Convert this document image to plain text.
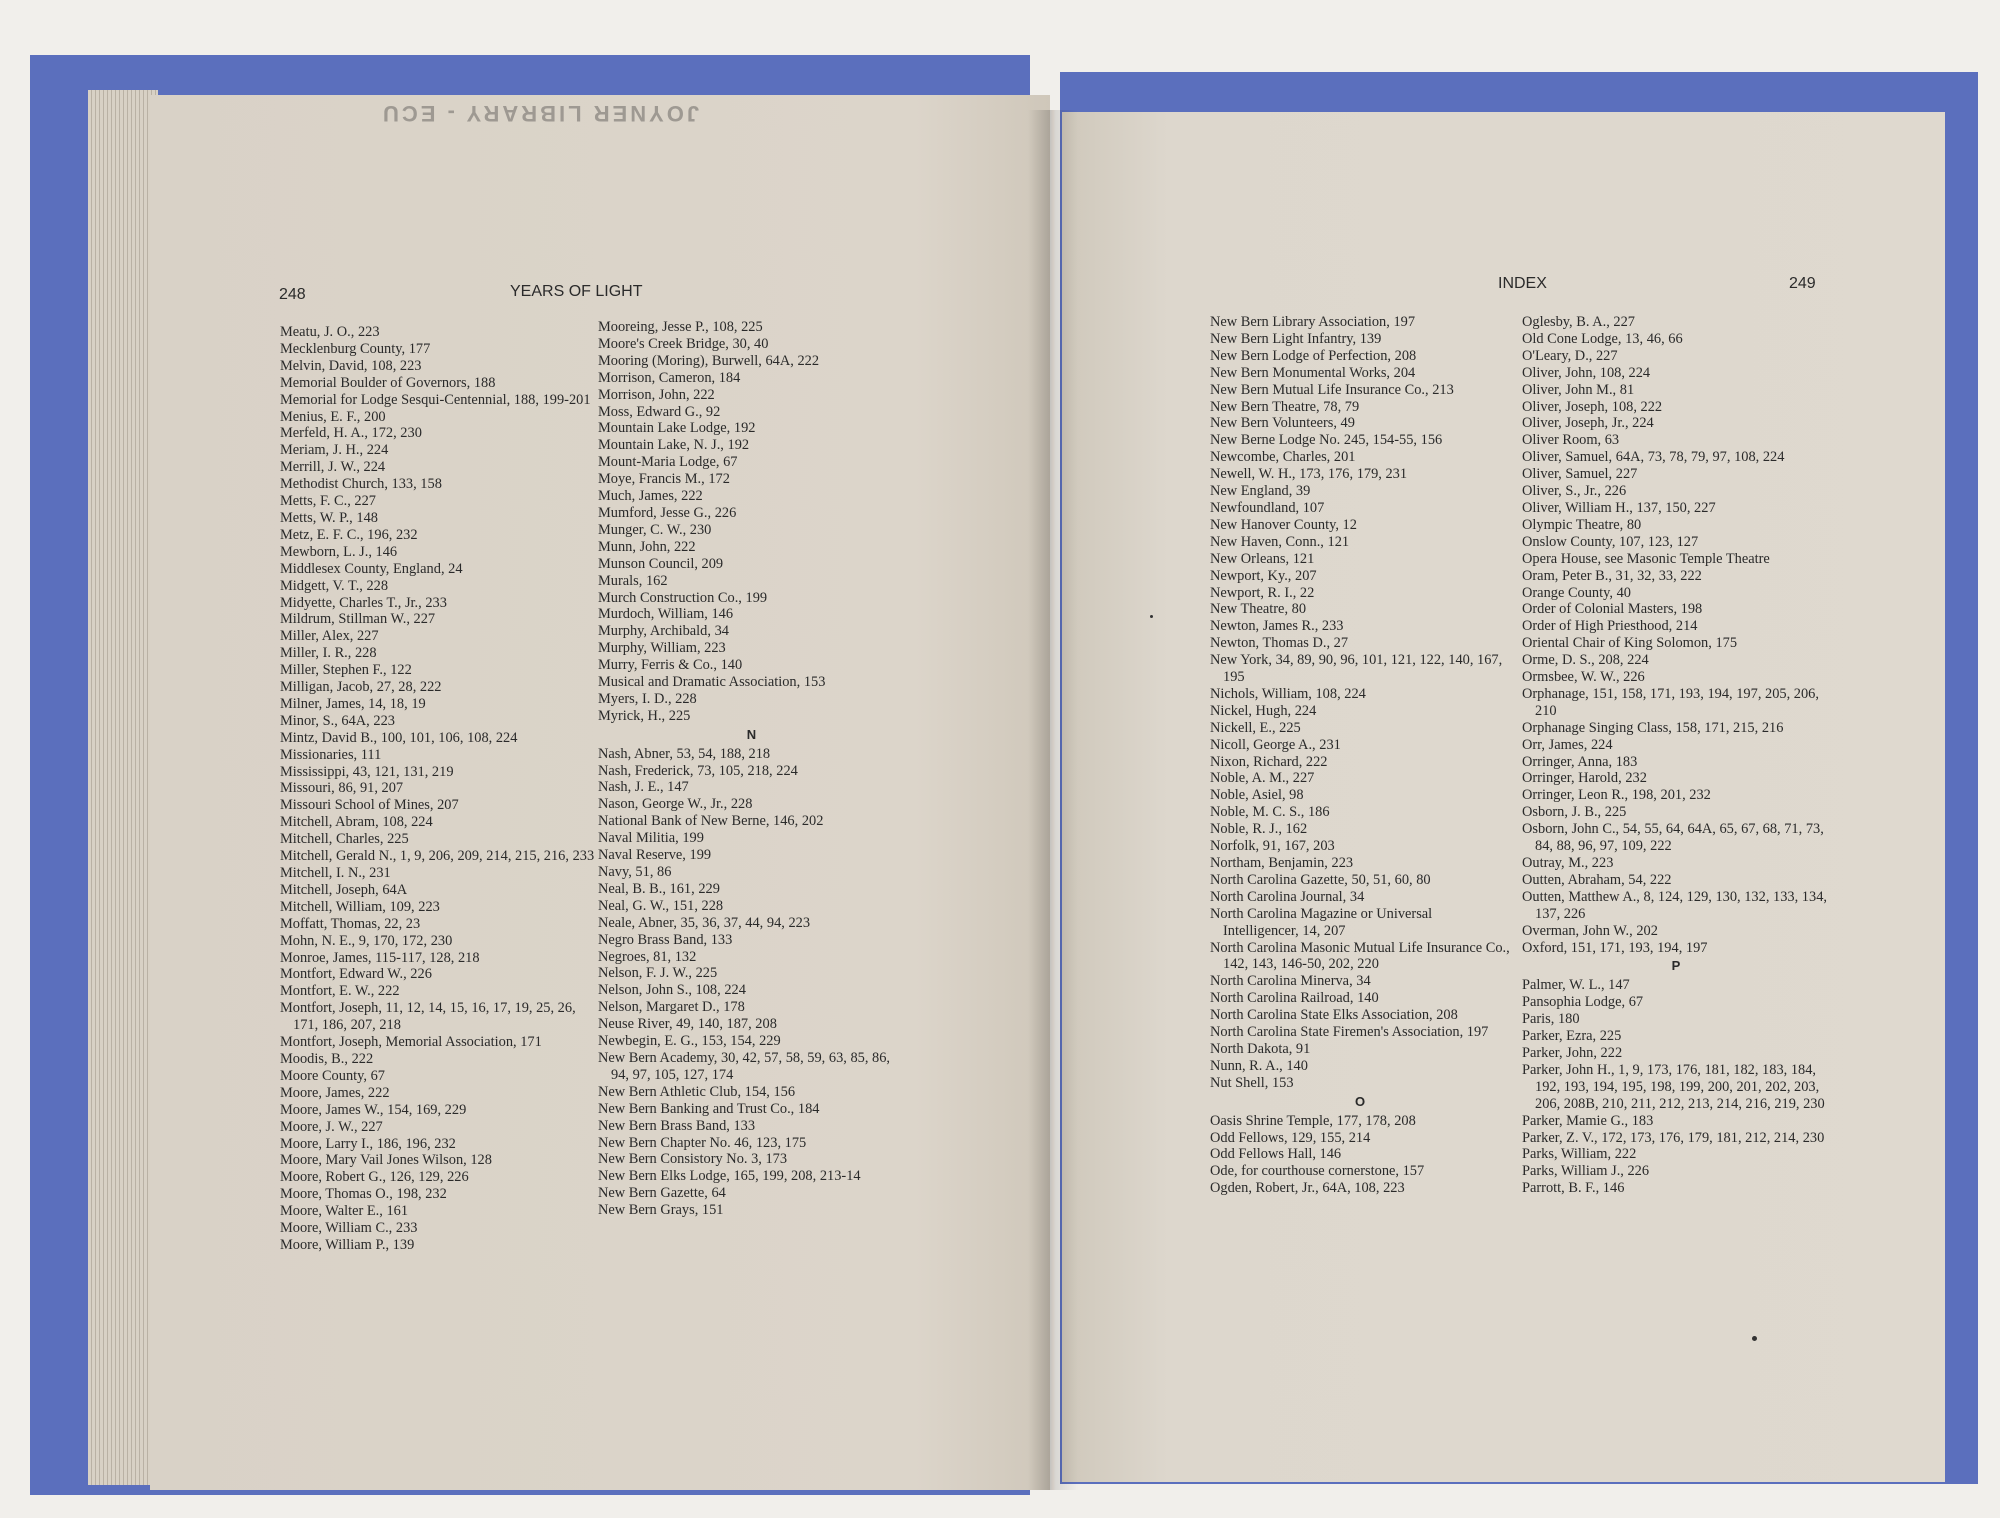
JOYNER LIBRARY - ECU
248	YEARS OF LIGHT	INDEX	249
Meatu, J. O., 223
Mecklenburg County, 177
Melvin, David, 108, 223
Memorial Boulder of Governors, 188
Memorial for Lodge Sesqui-Centennial, 188, 199-201
Menius, E. F., 200
Merfeld, H. A., 172, 230
Meriam, J. H., 224
Merrill, J. W., 224
Methodist Church, 133, 158
Metts, F. C., 227
Metts, W. P., 148
Metz, E. F. C., 196, 232
Mewborn, L. J., 146
Middlesex County, England, 24
Midgett, V. T., 228
Midyette, Charles T., Jr., 233
Mildrum, Stillman W., 227
Miller, Alex, 227
Miller, I. R., 228
Miller, Stephen F., 122
Milligan, Jacob, 27, 28, 222
Milner, James, 14, 18, 19
Minor, S., 64A, 223
Mintz, David B., 100, 101, 106, 108, 224
Missionaries, 111
Mississippi, 43, 121, 131, 219
Missouri, 86, 91, 207
Missouri School of Mines, 207
Mitchell, Abram, 108, 224
Mitchell, Charles, 225
Mitchell, Gerald N., 1, 9, 206, 209, 214, 215, 216, 233
Mitchell, I. N., 231
Mitchell, Joseph, 64A
Mitchell, William, 109, 223
Moffatt, Thomas, 22, 23
Mohn, N. E., 9, 170, 172, 230
Monroe, James, 115-117, 128, 218
Montfort, Edward W., 226
Montfort, E. W., 222
Montfort, Joseph, 11, 12, 14, 15, 16, 17, 19, 25, 26, 171, 186, 207, 218
Montfort, Joseph, Memorial Association, 171
Moodis, B., 222
Moore County, 67
Moore, James, 222
Moore, James W., 154, 169, 229
Moore, J. W., 227
Moore, Larry I., 186, 196, 232
Moore, Mary Vail Jones Wilson, 128
Moore, Robert G., 126, 129, 226
Moore, Thomas O., 198, 232
Moore, Walter E., 161
Moore, William C., 233
Moore, William P., 139
Mooreing, Jesse P., 108, 225
Moore's Creek Bridge, 30, 40
Mooring (Moring), Burwell, 64A, 222
Morrison, Cameron, 184
Morrison, John, 222
Moss, Edward G., 92
Mountain Lake Lodge, 192
Mountain Lake, N. J., 192
Mount-Maria Lodge, 67
Moye, Francis M., 172
Much, James, 222
Mumford, Jesse G., 226
Munger, C. W., 230
Munn, John, 222
Munson Council, 209
Murals, 162
Murch Construction Co., 199
Murdoch, William, 146
Murphy, Archibald, 34
Murphy, William, 223
Murry, Ferris & Co., 140
Musical and Dramatic Association, 153
Myers, I. D., 228
Myrick, H., 225
N
Nash, Abner, 53, 54, 188, 218
Nash, Frederick, 73, 105, 218, 224
Nash, J. E., 147
Nason, George W., Jr., 228
National Bank of New Berne, 146, 202
Naval Militia, 199
Naval Reserve, 199
Navy, 51, 86
Neal, B. B., 161, 229
Neal, G. W., 151, 228
Neale, Abner, 35, 36, 37, 44, 94, 223
Negro Brass Band, 133
Negroes, 81, 132
Nelson, F. J. W., 225
Nelson, John S., 108, 224
Nelson, Margaret D., 178
Neuse River, 49, 140, 187, 208
Newbegin, E. G., 153, 154, 229
New Bern Academy, 30, 42, 57, 58, 59, 63, 85, 86, 94, 97, 105, 127, 174
New Bern Athletic Club, 154, 156
New Bern Banking and Trust Co., 184
New Bern Brass Band, 133
New Bern Chapter No. 46, 123, 175
New Bern Consistory No. 3, 173
New Bern Elks Lodge, 165, 199, 208, 213-14
New Bern Gazette, 64
New Bern Grays, 151
New Bern Library Association, 197
New Bern Light Infantry, 139
New Bern Lodge of Perfection, 208
New Bern Monumental Works, 204
New Bern Mutual Life Insurance Co., 213
New Bern Theatre, 78, 79
New Bern Volunteers, 49
New Berne Lodge No. 245, 154-55, 156
Newcombe, Charles, 201
Newell, W. H., 173, 176, 179, 231
New England, 39
Newfoundland, 107
New Hanover County, 12
New Haven, Conn., 121
New Orleans, 121
Newport, Ky., 207
Newport, R. I., 22
New Theatre, 80
Newton, James R., 233
Newton, Thomas D., 27
New York, 34, 89, 90, 96, 101, 121, 122, 140, 167, 195
Nichols, William, 108, 224
Nickel, Hugh, 224
Nickell, E., 225
Nicoll, George A., 231
Nixon, Richard, 222
Noble, A. M., 227
Noble, Asiel, 98
Noble, M. C. S., 186
Noble, R. J., 162
Norfolk, 91, 167, 203
Northam, Benjamin, 223
North Carolina Gazette, 50, 51, 60, 80
North Carolina Journal, 34
North Carolina Magazine or Universal Intelligencer, 14, 207
North Carolina Masonic Mutual Life Insurance Co., 142, 143, 146-50, 202, 220
North Carolina Minerva, 34
North Carolina Railroad, 140
North Carolina State Elks Association, 208
North Carolina State Firemen's Association, 197
North Dakota, 91
Nunn, R. A., 140
Nut Shell, 153
O
Oasis Shrine Temple, 177, 178, 208
Odd Fellows, 129, 155, 214
Odd Fellows Hall, 146
Ode, for courthouse cornerstone, 157
Ogden, Robert, Jr., 64A, 108, 223
Oglesby, B. A., 227
Old Cone Lodge, 13, 46, 66
O'Leary, D., 227
Oliver, John, 108, 224
Oliver, John M., 81
Oliver, Joseph, 108, 222
Oliver, Joseph, Jr., 224
Oliver Room, 63
Oliver, Samuel, 64A, 73, 78, 79, 97, 108, 224
Oliver, Samuel, 227
Oliver, S., Jr., 226
Oliver, William H., 137, 150, 227
Olympic Theatre, 80
Onslow County, 107, 123, 127
Opera House, see Masonic Temple Theatre
Oram, Peter B., 31, 32, 33, 222
Orange County, 40
Order of Colonial Masters, 198
Order of High Priesthood, 214
Oriental Chair of King Solomon, 175
Orme, D. S., 208, 224
Ormsbee, W. W., 226
Orphanage, 151, 158, 171, 193, 194, 197, 205, 206, 210
Orphanage Singing Class, 158, 171, 215, 216
Orr, James, 224
Orringer, Anna, 183
Orringer, Harold, 232
Orringer, Leon R., 198, 201, 232
Osborn, J. B., 225
Osborn, John C., 54, 55, 64, 64A, 65, 67, 68, 71, 73, 84, 88, 96, 97, 109, 222
Outray, M., 223
Outten, Abraham, 54, 222
Outten, Matthew A., 8, 124, 129, 130, 132, 133, 134, 137, 226
Overman, John W., 202
Oxford, 151, 171, 193, 194, 197
P
Palmer, W. L., 147
Pansophia Lodge, 67
Paris, 180
Parker, Ezra, 225
Parker, John, 222
Parker, John H., 1, 9, 173, 176, 181, 182, 183, 184, 192, 193, 194, 195, 198, 199, 200, 201, 202, 203, 206, 208B, 210, 211, 212, 213, 214, 216, 219, 230
Parker, Mamie G., 183
Parker, Z. V., 172, 173, 176, 179, 181, 212, 214, 230
Parks, William, 222
Parks, William J., 226
Parrott, B. F., 146
